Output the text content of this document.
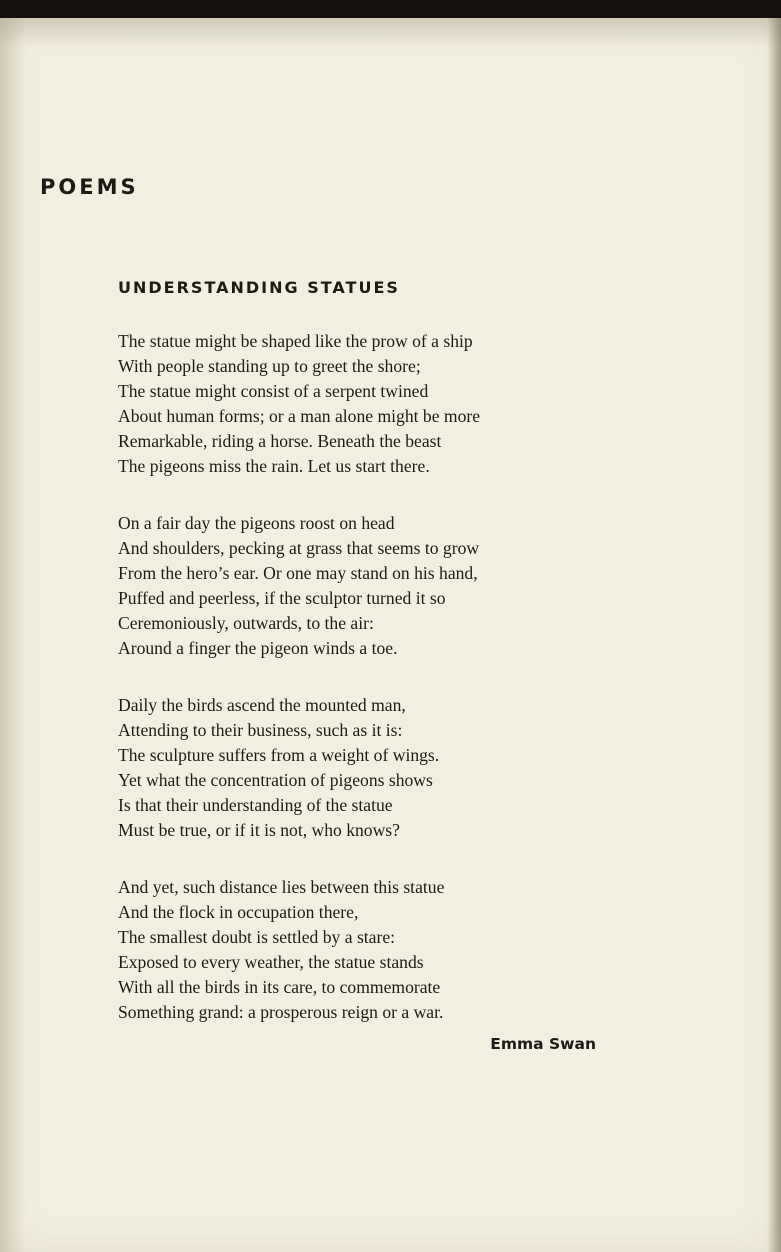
POEMS
UNDERSTANDING STATUES
The statue might be shaped like the prow of a ship
With people standing up to greet the shore;
The statue might consist of a serpent twined
About human forms; or a man alone might be more
Remarkable, riding a horse. Beneath the beast
The pigeons miss the rain. Let us start there.
On a fair day the pigeons roost on head
And shoulders, pecking at grass that seems to grow
From the hero’s ear. Or one may stand on his hand,
Puffed and peerless, if the sculptor turned it so
Ceremoniously, outwards, to the air:
Around a finger the pigeon winds a toe.
Daily the birds ascend the mounted man,
Attending to their business, such as it is:
The sculpture suffers from a weight of wings.
Yet what the concentration of pigeons shows
Is that their understanding of the statue
Must be true, or if it is not, who knows?
And yet, such distance lies between this statue
And the flock in occupation there,
The smallest doubt is settled by a stare:
Exposed to every weather, the statue stands
With all the birds in its care, to commemorate
Something grand: a prosperous reign or a war.
Emma Swan
